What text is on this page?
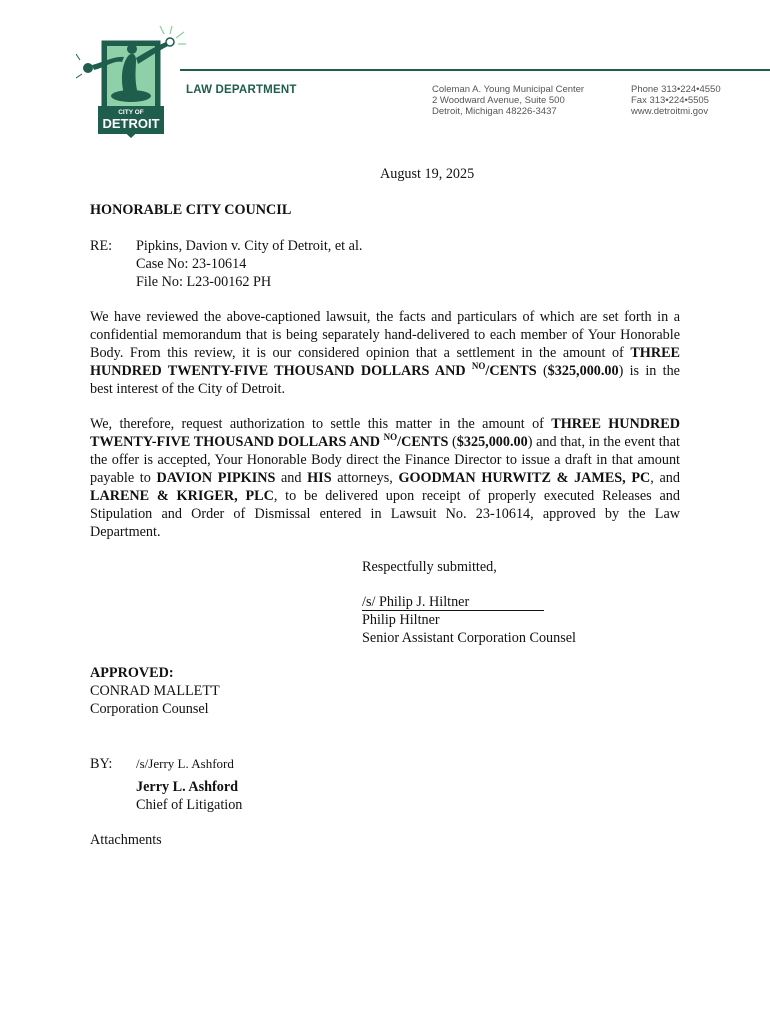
CITY OF
DETROIT
LAW DEPARTMENT	Coleman A. Young Municipal Center
2 Woodward Avenue, Suite 500
Detroit, Michigan 48226-3437
Phone 313•224•4550
Fax 313•224•5505
www.detroitmi.gov
August 19, 2025
HONORABLE CITY COUNCIL
RE: Pipkins, Davion v. City of Detroit, et al.
Case No: 23-10614
File No: L23-00162 PH
We have reviewed the above-captioned lawsuit, the facts and particulars of which are set forth in a confidential memorandum that is being separately hand-delivered to each member of Your Honorable Body. From this review, it is our considered opinion that a settlement in the amount of THREE HUNDRED TWENTY-FIVE THOUSAND DOLLARS AND $^{NO}$/CENTS ($325,000.00) is in the best interest of the City of Detroit.
We, therefore, request authorization to settle this matter in the amount of THREE HUNDRED TWENTY-FIVE THOUSAND DOLLARS AND $^{NO}$/CENTS ($325,000.00) and that, in the event that the offer is accepted, Your Honorable Body direct the Finance Director to issue a draft in that amount payable to DAVION PIPKINS and HIS attorneys, GOODMAN HURWITZ & JAMES, PC, and LARENE & KRIGER, PLC, to be delivered upon receipt of properly executed Releases and Stipulation and Order of Dismissal entered in Lawsuit No. 23-10614, approved by the Law Department.
Respectfully submitted,
/s/ Philip J. Hiltner
Philip Hiltner
Senior Assistant Corporation Counsel
APPROVED:
CONRAD MALLETT
Corporation Counsel
BY: /s/Jerry L. Ashford
Jerry L. Ashford
Chief of Litigation
Attachments
